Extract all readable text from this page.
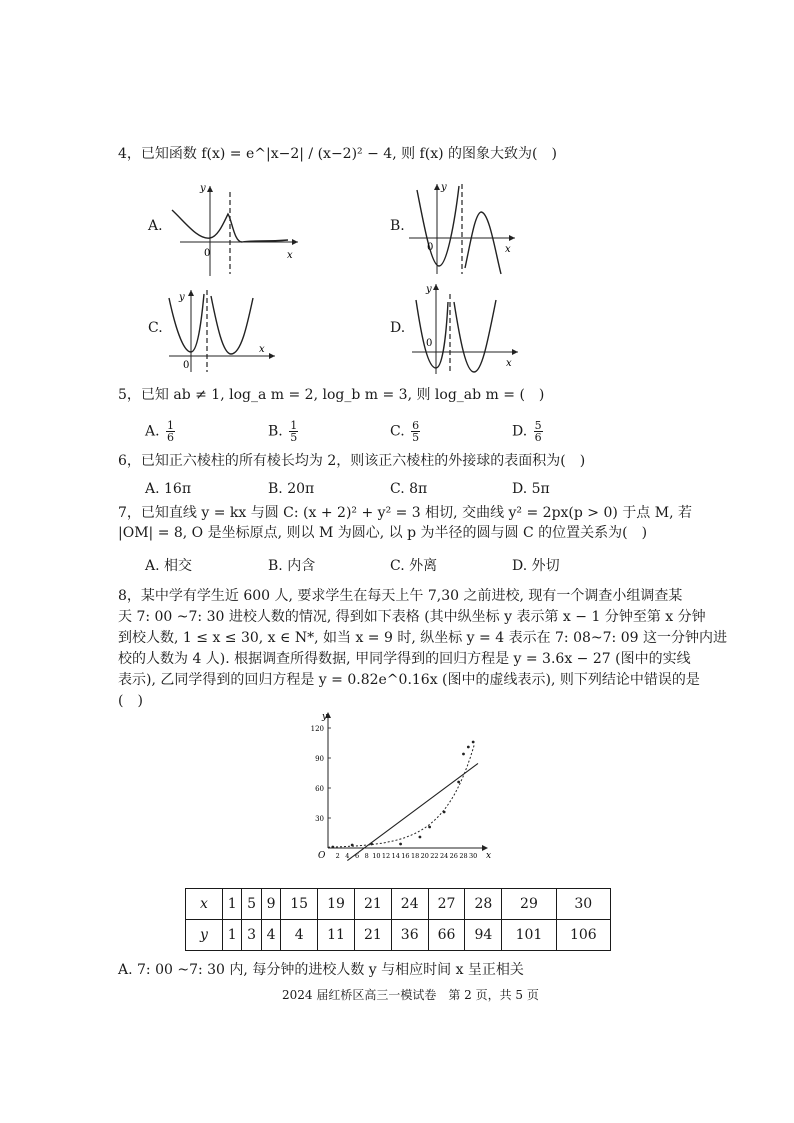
4，已知函数 f(x) = e^|x−2| / (x−2)² − 4, 则 f(x) 的图象大致为(　)
A.
y
0	x
B.
y
0	x
C.
y
0
x
D.
y
0
x
5，已知 ab ≠ 1, log_a m = 2, log_b m = 3, 则 log_ab m = (　)
A. $\frac{1}{6}$	B. $\frac{1}{5}$	C. $\frac{6}{5}$	D. $\frac{5}{6}$
6，已知正六棱柱的所有棱长均为 2，则该正六棱柱的外接球的表面积为(　)
A. 16π	B. 20π	C. 8π	D. 5π
7，已知直线 y = kx 与圆 C: (x + 2)² + y² = 3 相切, 交曲线 y² = 2px(p > 0) 于点 M, 若
|OM| = 8, O 是坐标原点, 则以 M 为圆心, 以 p 为半径的圆与圆 C 的位置关系为(　)
A. 相交	B. 内含	C. 外离	D. 外切
8，某中学有学生近 600 人, 要求学生在每天上午 7,30 之前进校, 现有一个调查小组调查某
天 7: 00 ~7: 30 进校人数的情况, 得到如下表格 (其中纵坐标 y 表示第 x − 1 分钟至第 x 分钟
到校人数, 1 ≤ x ≤ 30, x ∈ N*, 如当 x = 9 时, 纵坐标 y = 4 表示在 7: 08~7: 09 这一分钟内进
校的人数为 4 人). 根据调查所得数据, 甲同学得到的回归方程是 y = 3.6x − 27 (图中的实线
表示), 乙同学得到的回归方程是 y = 0.82e^0.16x (图中的虚线表示), 则下列结论中错误的是
(　)
y
x
O
30
60
90
120
2 4 6 8 10 12 14 16 18 20 22 24 26 28 30
x	1	5	9	15	19	21	24	27	28	29	30
y	1	3	4	4	11	21	36	66	94	101	106
A. 7: 00 ~7: 30 内, 每分钟的进校人数 y 与相应时间 x 呈正相关
2024 届红桥区高三一模试卷　第 2 页，共 5 页
